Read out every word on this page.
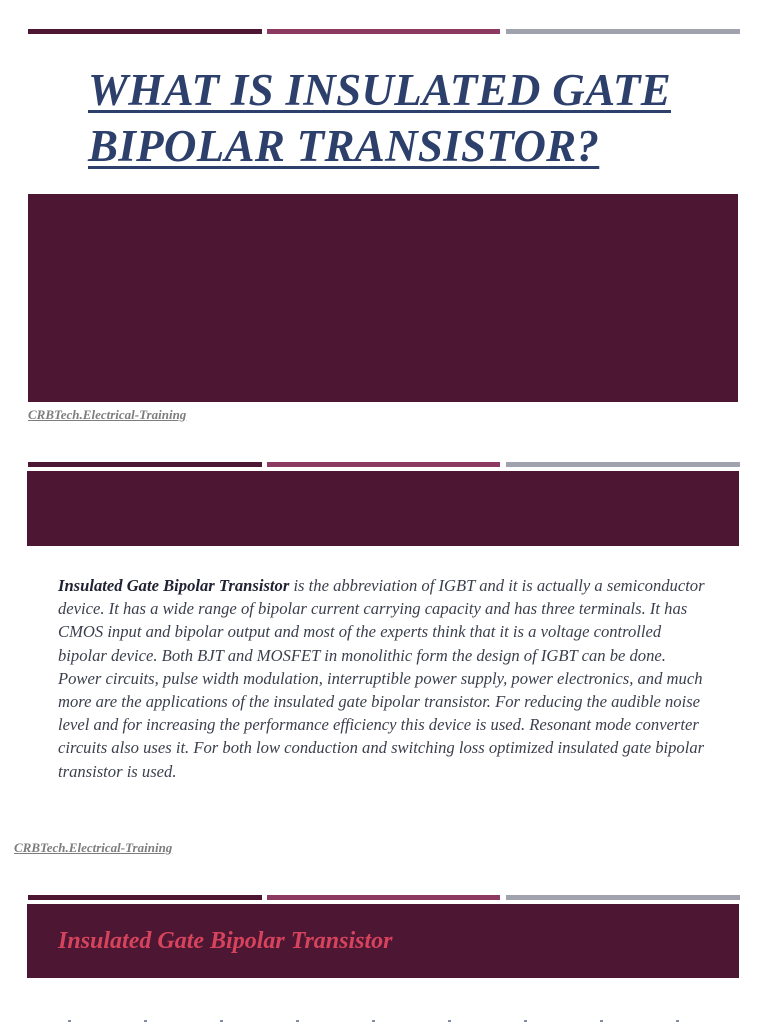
WHAT IS INSULATED GATE BIPOLAR TRANSISTOR?
CRBTech.Electrical-Training

Insulated Gate Bipolar Transistor is the abbreviation of IGBT and it is actually a semiconductor device. It has a wide range of bipolar current carrying capacity and has three terminals. It has CMOS input and bipolar output and most of the experts think that it is a voltage controlled bipolar device. Both BJT and MOSFET in monolithic form the design of IGBT can be done. Power circuits, pulse width modulation, interruptible power supply, power electronics, and much more are the applications of the insulated gate bipolar transistor. For reducing the audible noise level and for increasing the performance efficiency this device is used. Resonant mode converter circuits also uses it. For both low conduction and switching loss optimized insulated gate bipolar transistor is used.

CRBTech.Electrical-Training
Insulated Gate Bipolar Transistor
